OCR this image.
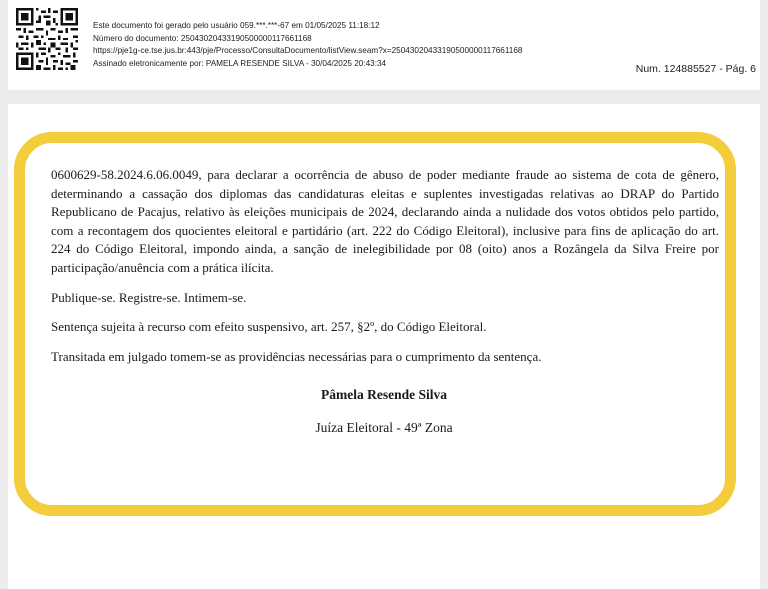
Este documento foi gerado pelo usuário 059.***.***-67 em 01/05/2025 11:18:12
Número do documento: 25043020433190500000117661168
https://pje1g-ce.tse.jus.br:443/pje/Processo/ConsultaDocumento/listView.seam?x=25043020433190500000117661168
Assinado eletronicamente por: PAMELA RESENDE SILVA - 30/04/2025 20:43:34	Num. 124885527 - Pág. 6

0600629-58.2024.6.06.0049, para declarar a ocorrência de abuso de poder mediante fraude ao sistema de cota de gênero, determinando a cassação dos diplomas das candidaturas eleitas e suplentes investigadas relativas ao DRAP do Partido Republicano de Pacajus, relativo às eleições municipais de 2024, declarando ainda a nulidade dos votos obtidos pelo partido, com a recontagem dos quocientes eleitoral e partidário (art. 222 do Código Eleitoral), inclusive para fins de aplicação do art. 224 do Código Eleitoral, impondo ainda, a sanção de inelegibilidade por 08 (oito) anos a Rozângela da Silva Freire por participação/anuência com a prática ilícita.

Publique-se. Registre-se. Intimem-se.

Sentença sujeita à recurso com efeito suspensivo, art. 257, §2º, do Código Eleitoral.

Transitada em julgado tomem-se as providências necessárias para o cumprimento da sentença.

Pâmela Resende Silva
Juíza Eleitoral - 49ª Zona
